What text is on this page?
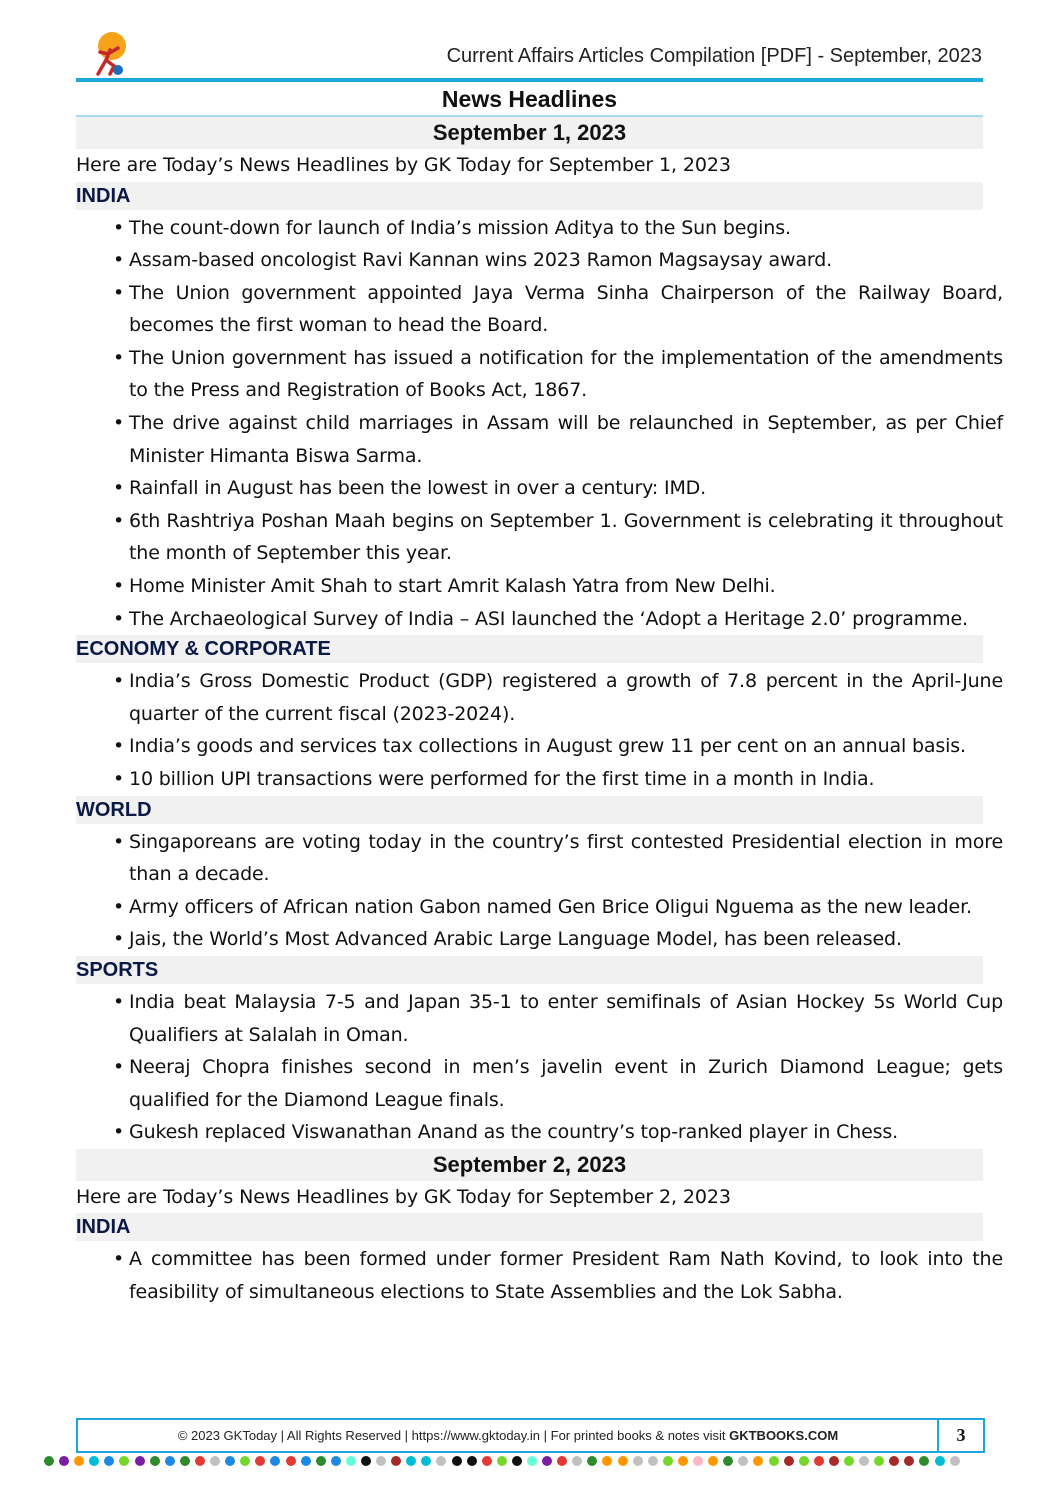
Current Affairs Articles Compilation [PDF] - September, 2023
News Headlines
September 1, 2023
Here are Today’s News Headlines by GK Today for September 1, 2023
INDIA
• The count-down for launch of India’s mission Aditya to the Sun begins.
• Assam-based oncologist Ravi Kannan wins 2023 Ramon Magsaysay award.
• The Union government appointed Jaya Verma Sinha Chairperson of the Railway Board, becomes the first woman to head the Board.
• The Union government has issued a notification for the implementation of the amendments to the Press and Registration of Books Act, 1867.
• The drive against child marriages in Assam will be relaunched in September, as per Chief Minister Himanta Biswa Sarma.
• Rainfall in August has been the lowest in over a century: IMD.
• 6th Rashtriya Poshan Maah begins on September 1. Government is celebrating it throughout the month of September this year.
• Home Minister Amit Shah to start Amrit Kalash Yatra from New Delhi.
• The Archaeological Survey of India – ASI launched the ‘Adopt a Heritage 2.0’ programme.
ECONOMY & CORPORATE
• India’s Gross Domestic Product (GDP) registered a growth of 7.8 percent in the April-June quarter of the current fiscal (2023-2024).
• India’s goods and services tax collections in August grew 11 per cent on an annual basis.
• 10 billion UPI transactions were performed for the first time in a month in India.
WORLD
• Singaporeans are voting today in the country’s first contested Presidential election in more than a decade.
• Army officers of African nation Gabon named Gen Brice Oligui Nguema as the new leader.
• Jais, the World’s Most Advanced Arabic Large Language Model, has been released.
SPORTS
• India beat Malaysia 7-5 and Japan 35-1 to enter semifinals of Asian Hockey 5s World Cup Qualifiers at Salalah in Oman.
• Neeraj Chopra finishes second in men’s javelin event in Zurich Diamond League; gets qualified for the Diamond League finals.
• Gukesh replaced Viswanathan Anand as the country’s top-ranked player in Chess.
September 2, 2023
Here are Today’s News Headlines by GK Today for September 2, 2023
INDIA
• A committee has been formed under former President Ram Nath Kovind, to look into the feasibility of simultaneous elections to State Assemblies and the Lok Sabha.
© 2023 GKToday | All Rights Reserved | https://www.gktoday.in | For printed books & notes visit GKTBOOKS.COM	3
